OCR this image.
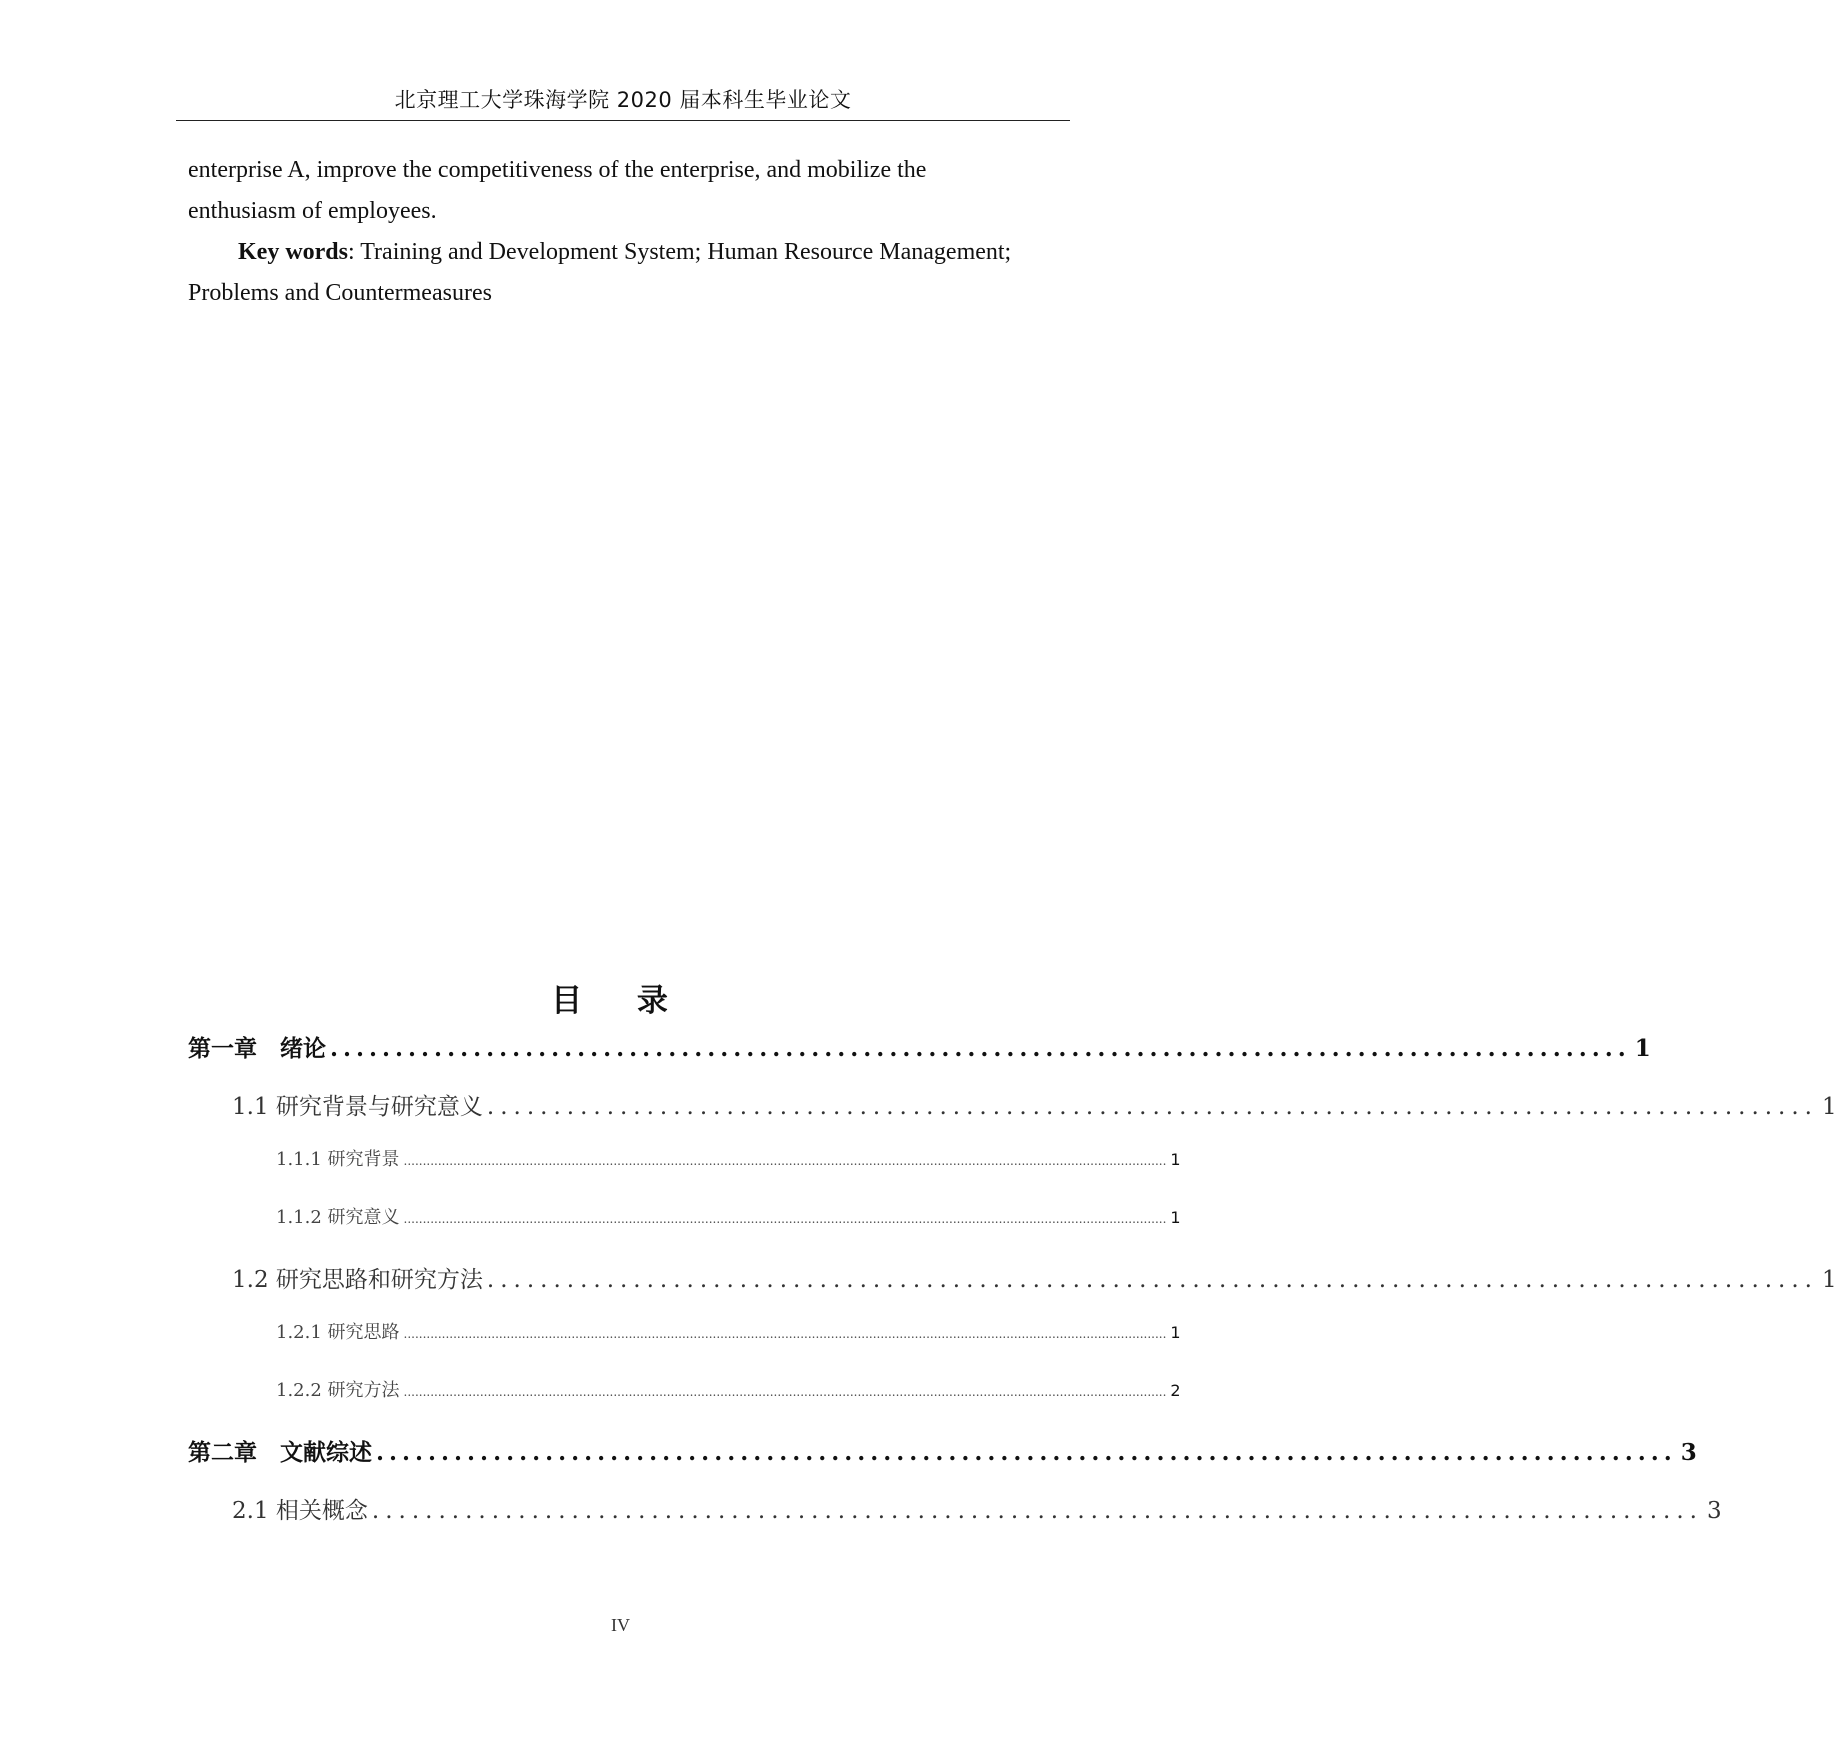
北京理工大学珠海学院 2020 届本科生毕业论文

enterprise A, improve the competitiveness of the enterprise, and mobilize the

enthusiasm of employees.

Key words: Training and Development System; Human Resource Management;

Problems and Countermeasures

目 录
第一章　绪论 .................................................................................................... 1
1.1 研究背景与研究意义 .................................................................................................... 1
1.1.1 研究背景 ........................................................................................................................................................................................................ 1
1.1.2 研究意义 ........................................................................................................................................................................................................ 1
1.2 研究思路和研究方法 .................................................................................................... 1
1.2.1 研究思路 ........................................................................................................................................................................................................ 1
1.2.2 研究方法 ........................................................................................................................................................................................................ 2
第二章　文献综述 .................................................................................................... 3
2.1 相关概念 .................................................................................................... 3
IV
